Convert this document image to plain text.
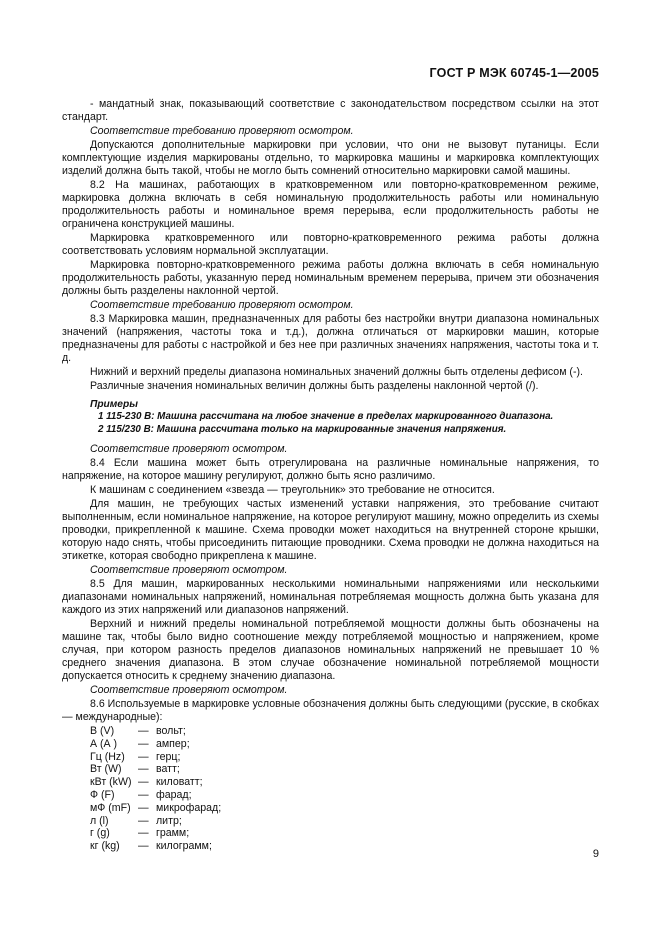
ГОСТ Р МЭК 60745-1—2005

- мандатный знак, показывающий соответствие с законодательством посредством ссылки на этот стандарт.

Соответствие требованию проверяют осмотром.

Допускаются дополнительные маркировки при условии, что они не вызовут путаницы. Если комплектующие изделия маркированы отдельно, то маркировка машины и маркировка комплектующих изделий должна быть такой, чтобы не могло быть сомнений относительно маркировки самой машины.

8.2 На машинах, работающих в кратковременном или повторно-кратковременном режиме, маркировка должна включать в себя номинальную продолжительность работы или номинальную продолжительность работы и номинальное время перерыва, если продолжительность работы не ограничена конструкцией машины.

Маркировка кратковременного или повторно-кратковременного режима работы должна соответствовать условиям нормальной эксплуатации.

Маркировка повторно-кратковременного режима работы должна включать в себя номинальную продолжительность работы, указанную перед номинальным временем перерыва, причем эти обозначения должны быть разделены наклонной чертой.

Соответствие требованию проверяют осмотром.

8.3 Маркировка машин, предназначенных для работы без настройки внутри диапазона номинальных значений (напряжения, частоты тока и т.д.), должна отличаться от маркировки машин, которые предназначены для работы с настройкой и без нее при различных значениях напряжения, частоты тока и т. д.

Нижний и верхний пределы диапазона номинальных значений должны быть отделены дефисом (-).

Различные значения номинальных величин должны быть разделены наклонной чертой (/).

Примеры

1 115-230 В: Машина рассчитана на любое значение в пределах маркированного диапазона.

2 115/230 В: Машина рассчитана только на маркированные значения напряжения.

Соответствие проверяют осмотром.

8.4 Если машина может быть отрегулирована на различные номинальные напряжения, то напряжение, на которое машину регулируют, должно быть ясно различимо.

К машинам с соединением «звезда — треугольник» это требование не относится.

Для машин, не требующих частых изменений уставки напряжения, это требование считают выполненным, если номинальное напряжение, на которое регулируют машину, можно определить из схемы проводки, прикрепленной к машине. Схема проводки может находиться на внутренней стороне крышки, которую надо снять, чтобы присоединить питающие проводники. Схема проводки не должна находиться на этикетке, которая свободно прикреплена к машине.

Соответствие проверяют осмотром.

8.5 Для машин, маркированных несколькими номинальными напряжениями или несколькими диапазонами номинальных напряжений, номинальная потребляемая мощность должна быть указана для каждого из этих напряжений или диапазонов напряжений.

Верхний и нижний пределы номинальной потребляемой мощности должны быть обозначены на машине так, чтобы было видно соотношение между потребляемой мощностью и напряжением, кроме случая, при котором разность пределов диапазонов номинальных напряжений не превышает 10 % среднего значения диапазона. В этом случае обозначение номинальной потребляемой мощности допускается относить к среднему значению диапазона.

Соответствие проверяют осмотром.

8.6 Используемые в маркировке условные обозначения должны быть следующими (русские, в скобках — международные):

В (V)	—	вольт;
А (А )	—	ампер;
Гц (Hz)	—	герц;
Вт (W)	—	ватт;
кВт (kW)	—	киловатт;
Ф (F)	—	фарад;
мФ (mF)	—	микрофарад;
л (l)	—	литр;
г (g)	—	грамм;
кг (kg)	—	килограмм;
9
